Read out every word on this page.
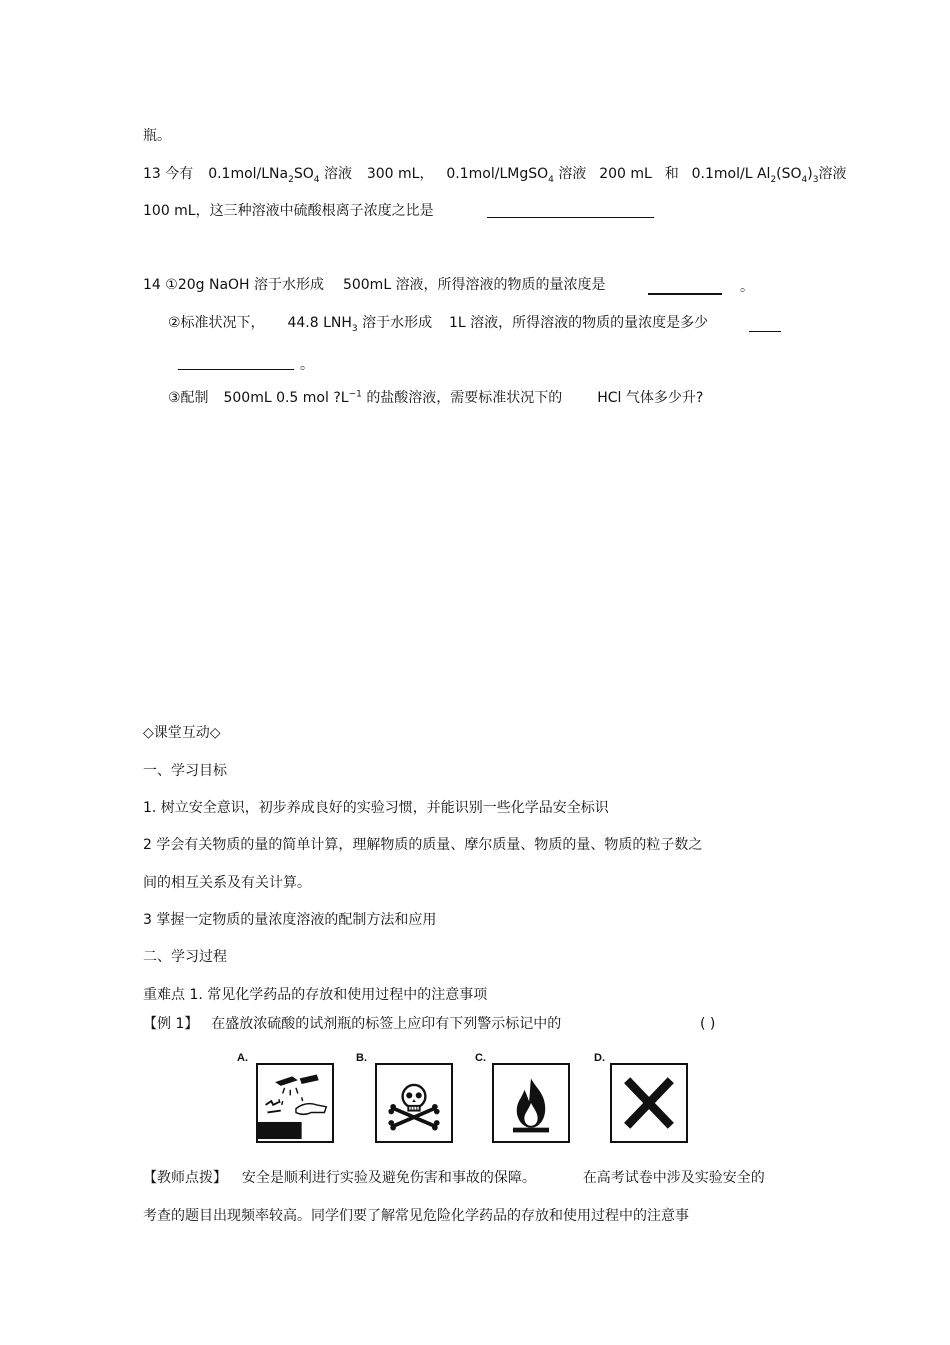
瓶。
13 今有 $0.1mol/LNa_2SO_4$ 溶液 300 mL， 0.1mol/LMgSO$_4$ 溶液 200 mL 和 0.1mol/L $Al_2(SO_4)_3$溶液
100 mL，这三种溶液中硫酸根离子浓度之比是
14 ①20g NaOH 溶于水形成 500mL 溶液，所得溶液的物质的量浓度是	。
②标准状况下， 44.8 $LNH_3$ 溶于水形成 1L 溶液，所得溶液的物质的量浓度是多少
。
③配制 500mL 0.5 mol $?L^{-1}$ 的盐酸溶液，需要标准状况下的 HCl 气体多少升?
◇课堂互动◇
一、学习目标
1. 树立安全意识，初步养成良好的实验习惯，并能识别一些化学品安全标识
2 学会有关物质的量的简单计算，理解物质的质量、摩尔质量、物质的量、物质的粒子数之
间的相互关系及有关计算。
3 掌握一定物质的量浓度溶液的配制方法和应用
二、学习过程
重难点 1. 常见化学药品的存放和使用过程中的注意事项
【例 1】 在盛放浓硫酸的试剂瓶的标签上应印有下列警示标记中的	( )
A.	B.	C.	D.
【教师点拨】 安全是顺利进行实验及避免伤害和事故的保障。	在高考试卷中涉及实验安全的
考查的题目出现频率较高。同学们要了解常见危险化学药品的存放和使用过程中的注意事
